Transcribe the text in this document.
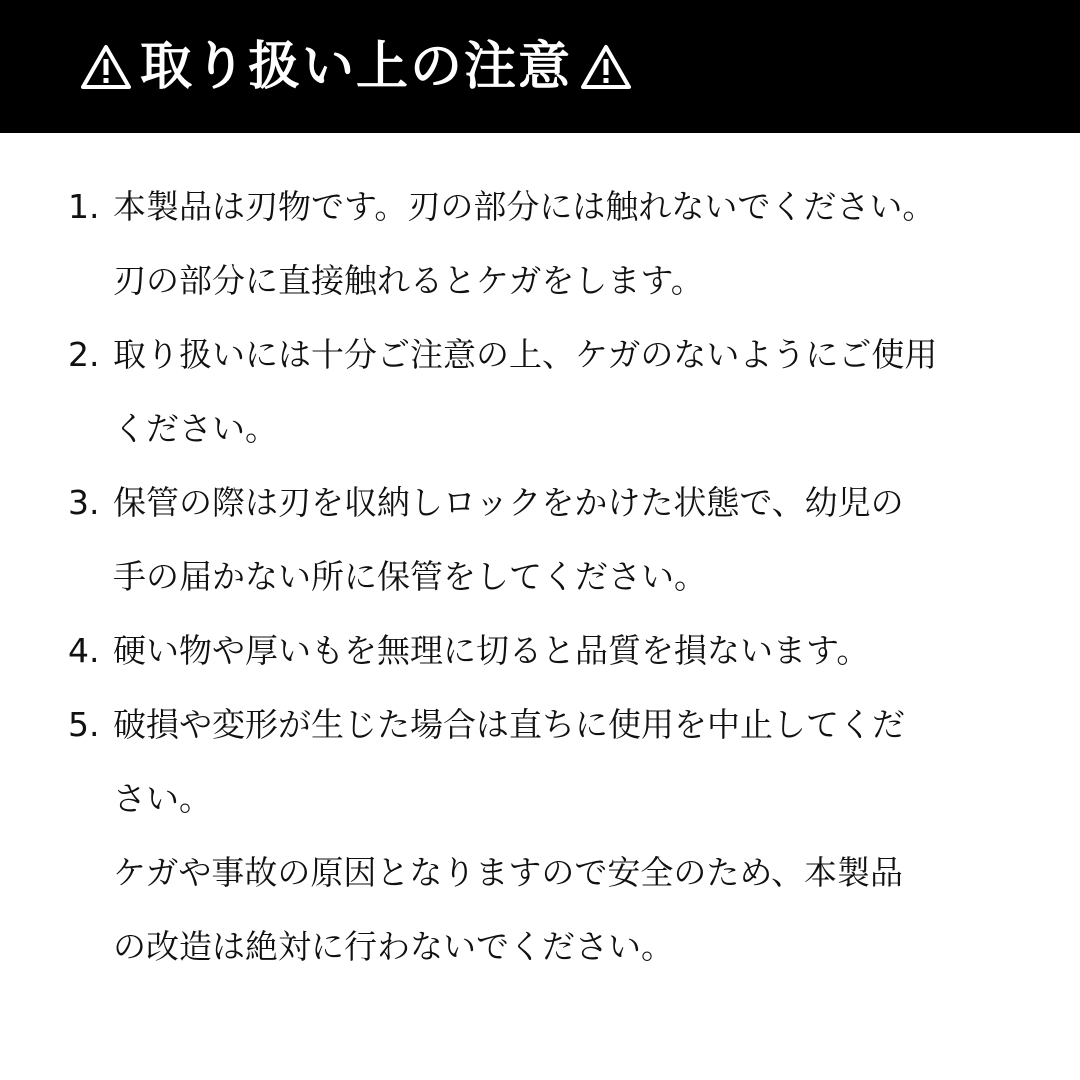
取り扱い上の注意
1. 本製品は刃物です。刃の部分には触れないでください。
刃の部分に直接触れるとケガをします。
2. 取り扱いには十分ご注意の上、ケガのないようにご使用
ください。
3. 保管の際は刃を収納しロックをかけた状態で、幼児の
手の届かない所に保管をしてください。
4. 硬い物や厚いもを無理に切ると品質を損ないます。
5. 破損や変形が生じた場合は直ちに使用を中止してくだ
さい。
ケガや事故の原因となりますので安全のため、本製品
の改造は絶対に行わないでください。
